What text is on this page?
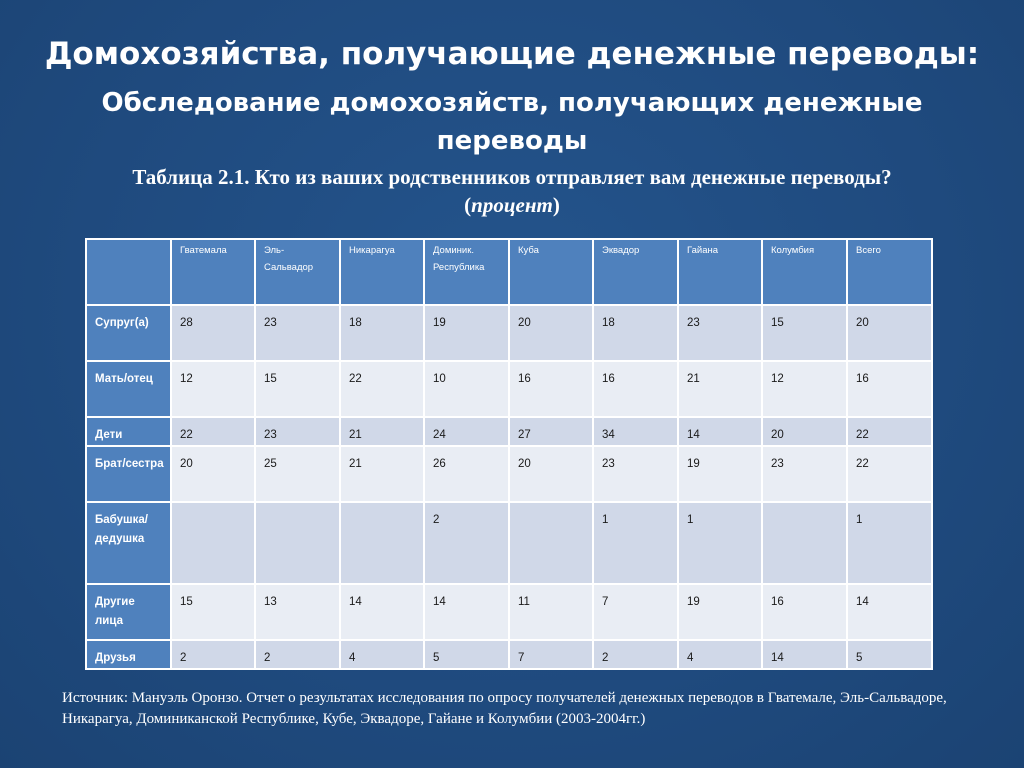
Домохозяйства, получающие денежные переводы:
Обследование домохозяйств, получающих денежные переводы
Таблица 2.1. Кто из ваших родственников отправляет вам денежные переводы? (процент)
	Гватемала	Эль-Сальвадор	Никарагуа	Доминик. Республика	Куба	Эквадор	Гайана	Колумбия	Всего
Супруг(а)	28	23	18	19	20	18	23	15	20
Мать/отец	12	15	22	10	16	16	21	12	16
Дети	22	23	21	24	27	34	14	20	22
Брат/сестра	20	25	21	26	20	23	19	23	22
Бабушка/дедушка				2		1	1		1
Другие лица	15	13	14	14	11	7	19	16	14
Друзья	2	2	4	5	7	2	4	14	5
Источник: Мануэль Оронзо. Отчет о результатах исследования по опросу получателей денежных переводов в Гватемале, Эль-Сальвадоре, Никарагуа, Доминиканской Республике, Кубе, Эквадоре, Гайане и Колумбии (2003-2004гг.)
